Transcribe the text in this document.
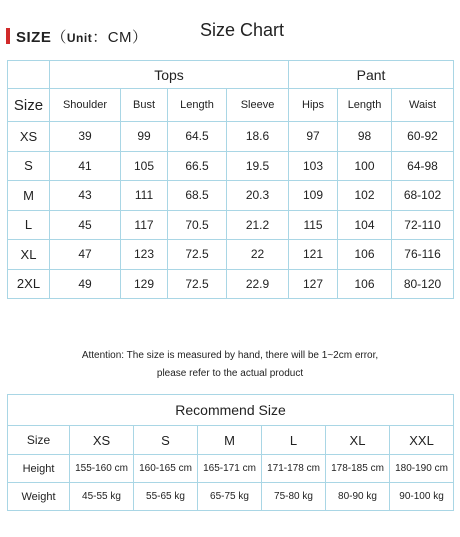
SIZE（Unit：CM）	Size Chart
	Tops				Pant		
Size	Shoulder	Bust	Length	Sleeve	Hips	Length	Waist
XS	39	99	64.5	18.6	97	98	60-92
S	41	105	66.5	19.5	103	100	64-98
M	43	111	68.5	20.3	109	102	68-102
L	45	117	70.5	21.2	115	104	72-110
XL	47	123	72.5	22	121	106	76-116
2XL	49	129	72.5	22.9	127	106	80-120
Attention: The size is measured by hand, there will be 1~2cm error,
please refer to the actual product
Recommend Size						
Size	XS	S	M	L	XL	XXL
Height	155-160 cm	160-165 cm	165-171 cm	171-178 cm	178-185 cm	180-190 cm
Weight	45-55 kg	55-65 kg	65-75 kg	75-80 kg	80-90 kg	90-100 kg
